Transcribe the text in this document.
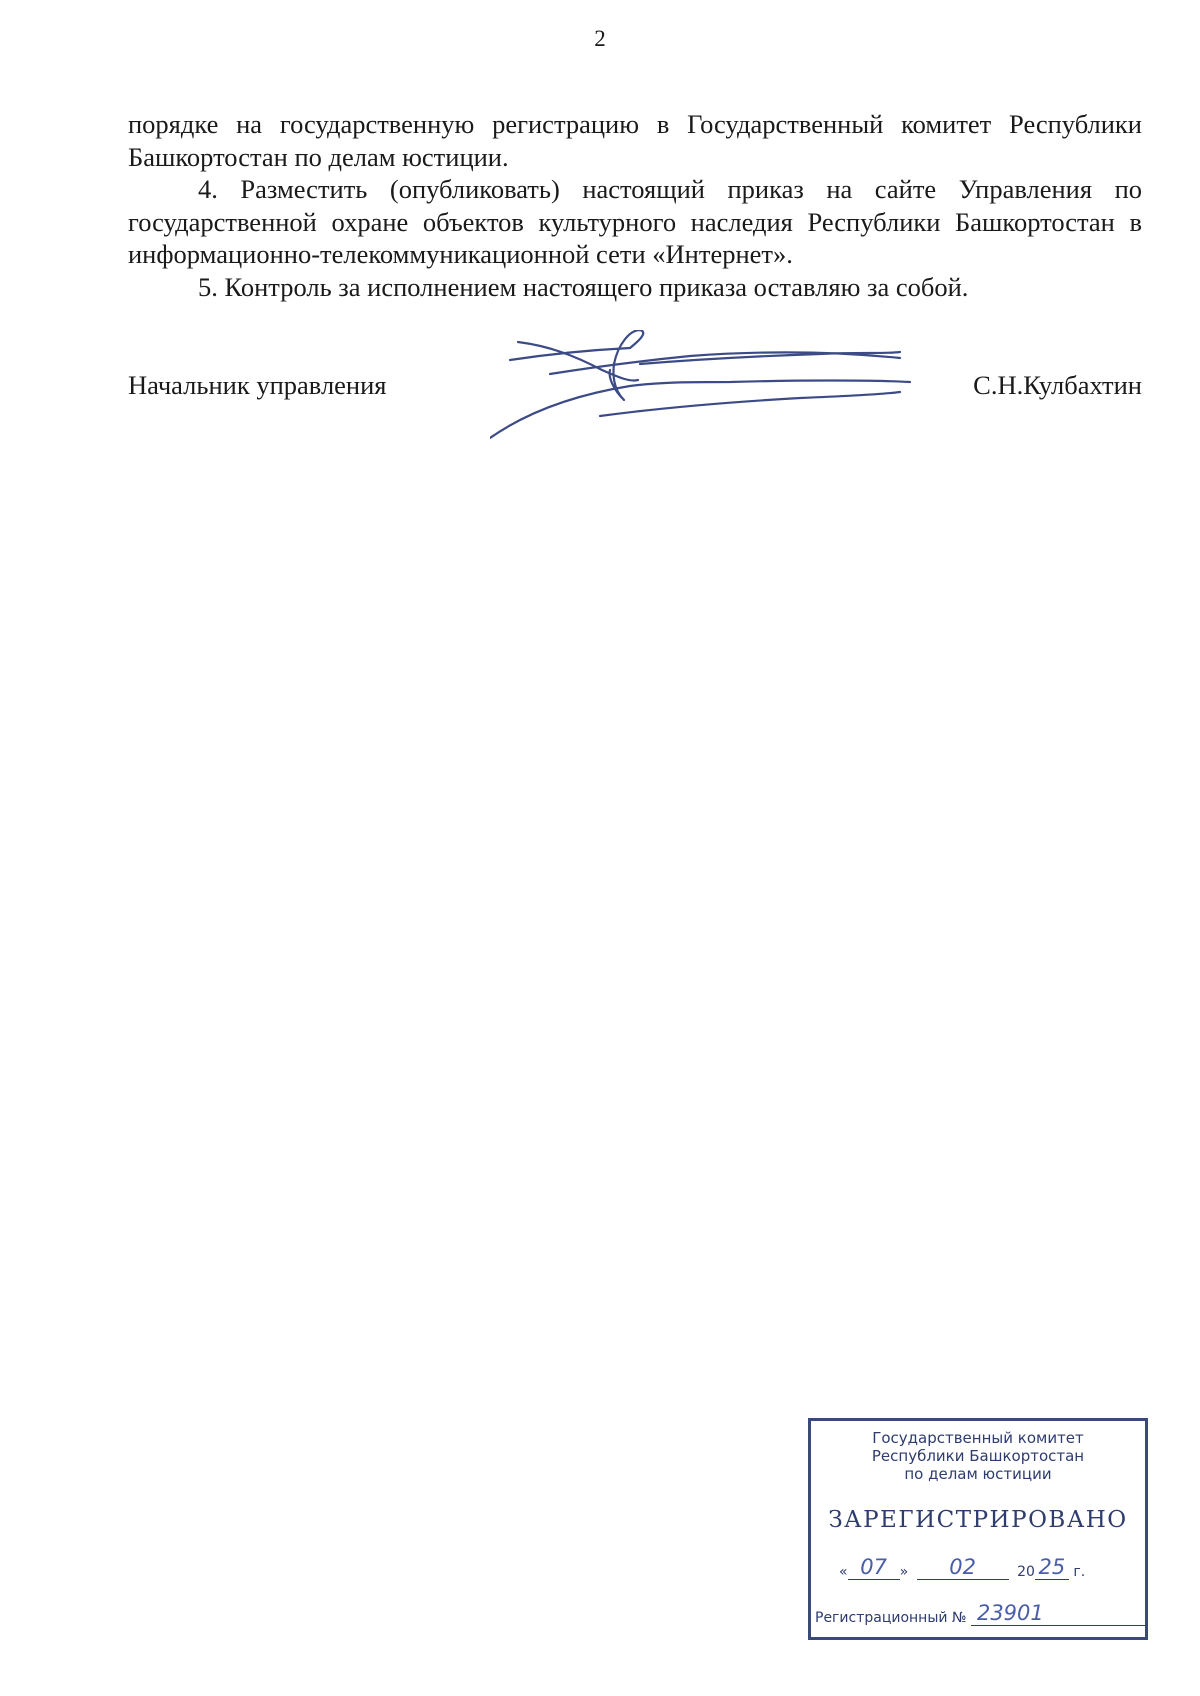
2

порядке на государственную регистрацию в Государственный комитет Республики Башкортостан по делам юстиции.

4. Разместить (опубликовать) настоящий приказ на сайте Управления по государственной охране объектов культурного наследия Республики Башкортостан в информационно-телекоммуникационной сети «Интернет».

5. Контроль за исполнением настоящего приказа оставляю за собой.

Начальник управления	С.Н.Кулбахтин
Государственный комитет
Республики Башкортостан
по делам юстиции
ЗАРЕГИСТРИРОВАНО
« 07 » 02	20 25 г.
Регистрационный № 23901
